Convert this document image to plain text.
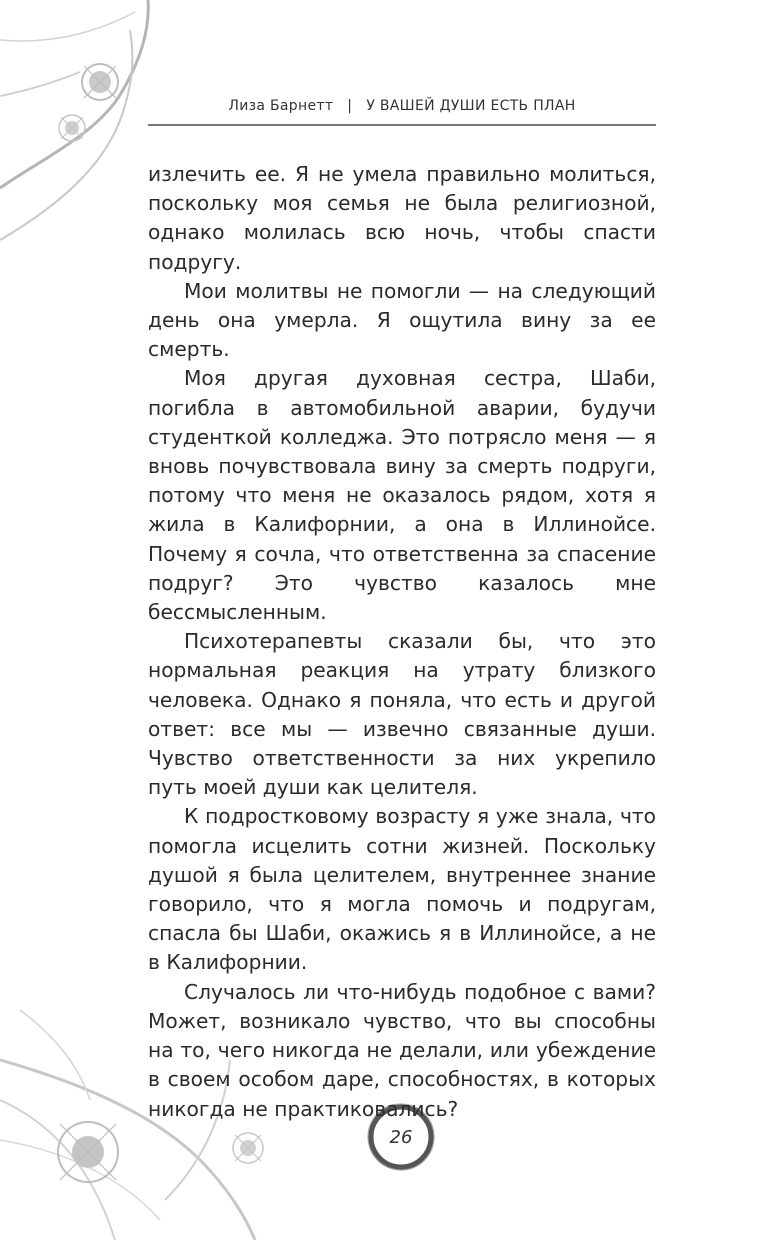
Лиза Барнетт | У ВАШЕЙ ДУШИ ЕСТЬ ПЛАН

излечить ее. Я не умела правильно молиться, поскольку моя семья не была религиозной, однако молилась всю ночь, чтобы спасти подругу.

Мои молитвы не помогли — на следующий день она умерла. Я ощутила вину за ее смерть.

Моя другая духовная сестра, Шаби, погибла в автомобильной аварии, будучи студенткой колледжа. Это потрясло меня — я вновь почувствовала вину за смерть подруги, потому что меня не оказалось рядом, хотя я жила в Калифорнии, а она в Иллинойсе. Почему я сочла, что ответственна за спасение подруг? Это чувство казалось мне бессмысленным.

Психотерапевты сказали бы, что это нормальная реакция на утрату близкого человека. Однако я поняла, что есть и другой ответ: все мы — извечно связанные души. Чувство ответственности за них укрепило путь моей души как целителя.

К подростковому возрасту я уже знала, что помогла исцелить сотни жизней. Поскольку душой я была целителем, внутреннее знание говорило, что я могла помочь и подругам, спасла бы Шаби, окажись я в Иллинойсе, а не в Калифорнии.

Случалось ли что-нибудь подобное с вами? Может, возникало чувство, что вы способны на то, чего никогда не делали, или убеждение в своем особом даре, способностях, в которых никогда не практиковались?

26
